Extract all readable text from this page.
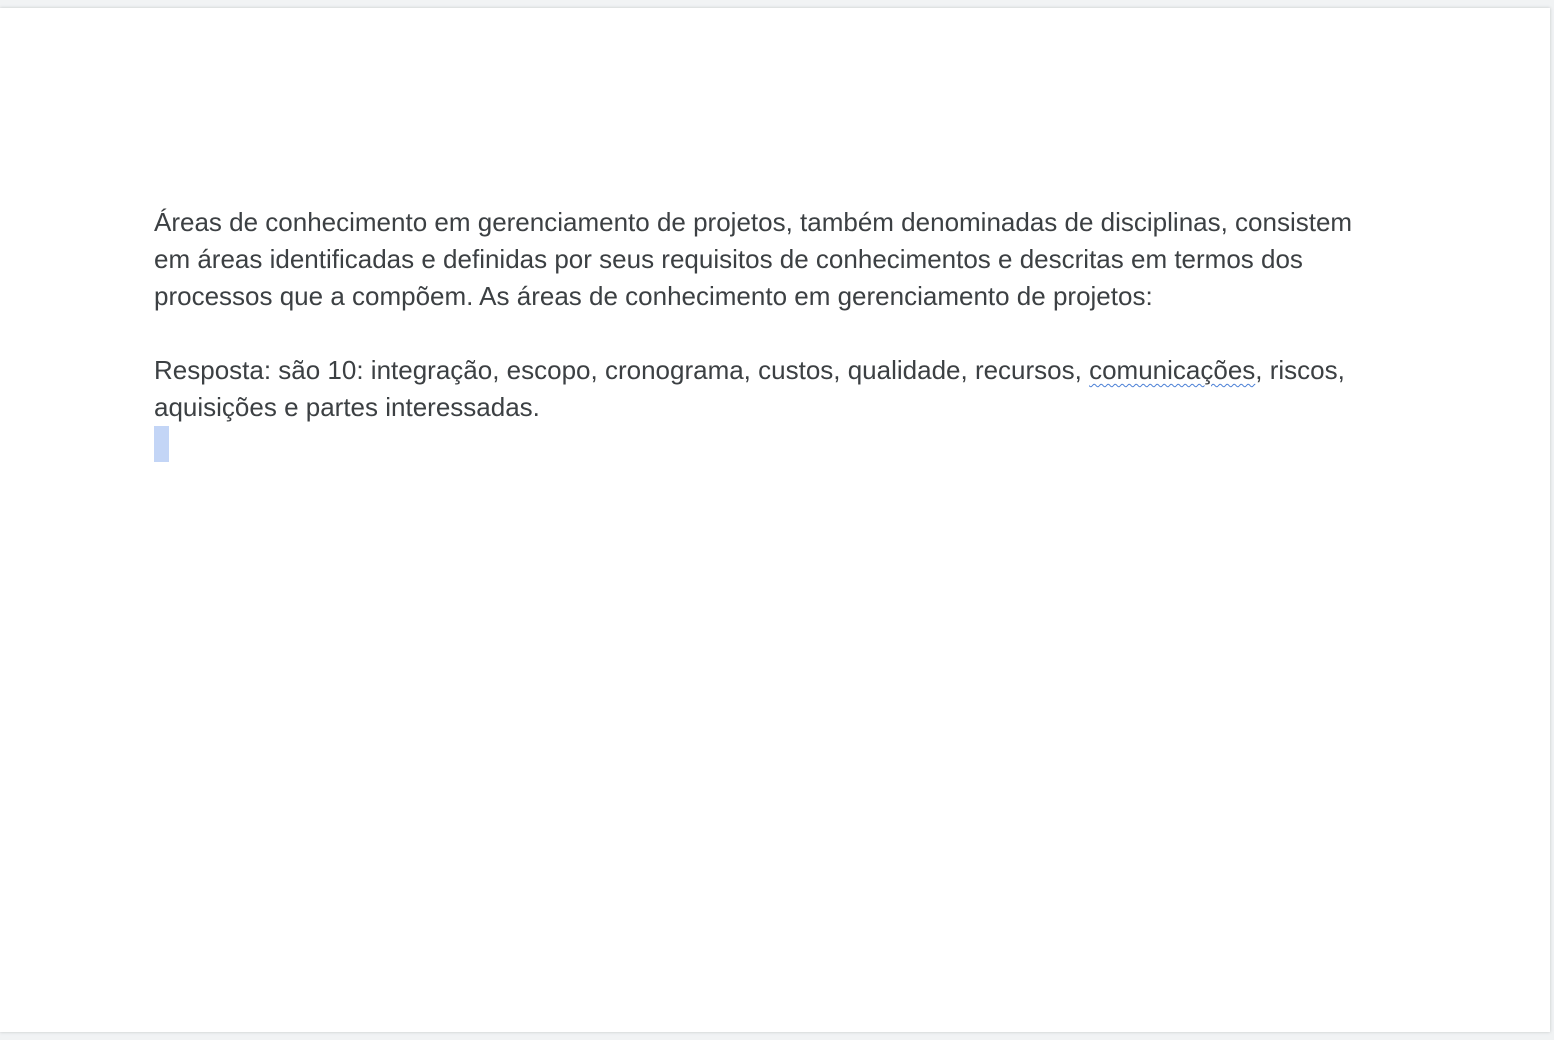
Áreas de conhecimento em gerenciamento de projetos, também denominadas de disciplinas, consistem em áreas identificadas e definidas por seus requisitos de conhecimentos e descritas em termos dos processos que a compõem. As áreas de conhecimento em gerenciamento de projetos:

Resposta: são 10: integração, escopo, cronograma, custos, qualidade, recursos, comunicações, riscos, aquisições e partes interessadas.
